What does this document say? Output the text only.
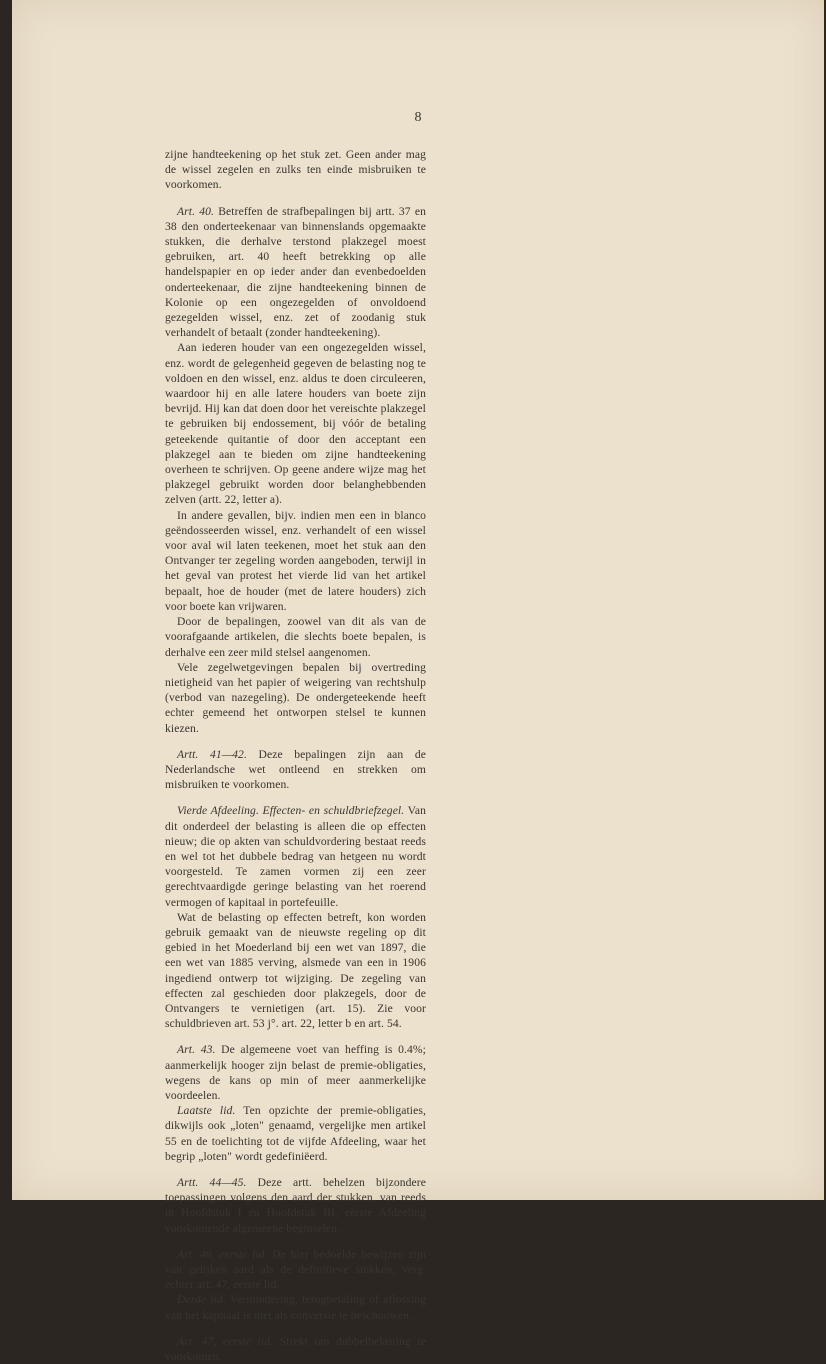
8

zijne handteekening op het stuk zet. Geen ander mag de wissel zegelen en zulks ten einde misbruiken te voorkomen.

Art. 40. Betreffen de strafbepalingen bij artt. 37 en 38 den onderteekenaar van binnenslands opgemaakte stukken, die derhalve terstond plakzegel moest gebruiken, art. 40 heeft betrekking op alle handelspapier en op ieder ander dan evenbedoelden onderteekenaar, die zijne handteekening binnen de Kolonie op een ongezegelden of onvoldoend gezegelden wissel, enz. zet of zoodanig stuk verhandelt of betaalt (zonder handteekening).

Aan iederen houder van een ongezegelden wissel, enz. wordt de gelegenheid gegeven de belasting nog te voldoen en den wissel, enz. aldus te doen circuleeren, waardoor hij en alle latere houders van boete zijn bevrijd. Hij kan dat doen door het vereischte plakzegel te gebruiken bij endossement, bij vóór de betaling geteekende quitantie of door den acceptant een plakzegel aan te bieden om zijne handteekening overheen te schrijven. Op geene andere wijze mag het plakzegel gebruikt worden door belanghebbenden zelven (artt. 22, letter a).

In andere gevallen, bijv. indien men een in blanco geëndosseerden wissel, enz. verhandelt of een wissel voor aval wil laten teekenen, moet het stuk aan den Ontvanger ter zegeling worden aangeboden, terwijl in het geval van protest het vierde lid van het artikel bepaalt, hoe de houder (met de latere houders) zich voor boete kan vrijwaren.

Door de bepalingen, zoowel van dit als van de voorafgaande artikelen, die slechts boete bepalen, is derhalve een zeer mild stelsel aangenomen.

Vele zegelwetgevingen bepalen bij overtreding nietigheid van het papier of weigering van rechtshulp (verbod van nazegeling). De ondergeteekende heeft echter gemeend het ontworpen stelsel te kunnen kiezen.

Artt. 41—42. Deze bepalingen zijn aan de Nederlandsche wet ontleend en strekken om misbruiken te voorkomen.

Vierde Afdeeling. Effecten- en schuldbriefzegel. Van dit onderdeel der belasting is alleen die op effecten nieuw; die op akten van schuldvordering bestaat reeds en wel tot het dubbele bedrag van hetgeen nu wordt voorgesteld. Te zamen vormen zij een zeer gerechtvaardigde geringe belasting van het roerend vermogen of kapitaal in portefeuille.

Wat de belasting op effecten betreft, kon worden gebruik gemaakt van de nieuwste regeling op dit gebied in het Moederland bij een wet van 1897, die een wet van 1885 verving, alsmede van een in 1906 ingediend ontwerp tot wijziging. De zegeling van effecten zal geschieden door plakzegels, door de Ontvangers te vernietigen (art. 15). Zie voor schuldbrieven art. 53 j°. art. 22, letter b en art. 54.

Art. 43. De algemeene voet van heffing is 0.4%; aanmerkelijk hooger zijn belast de premie-obligaties, wegens de kans op min of meer aanmerkelijke voordeelen.

Laatste lid. Ten opzichte der premie-obligaties, dikwijls ook „loten" genaamd, vergelijke men artikel 55 en de toelichting tot de vijfde Afdeeling, waar het begrip „loten" wordt gedefiniëerd.

Artt. 44—45. Deze artt. behelzen bijzondere toepassingen volgens den aard der stukken, van reeds in Hoofdstuk I en Hoofdstuk III, eerste Afdeeling voorkomende algemeene beginselen.

Art. 46, eerste lid. De hier bedoelde bewijzen zijn van gelijken aard als de definitieve stukken; verg. echter art. 47, eerste lid.

Derde lid. Vermindering, terugbetaling of aflossing van het kapitaal is niet als conversie te beschouwen.

Art. 47, eerste lid. Strekt om dubbelbelasting te voorkomen.
